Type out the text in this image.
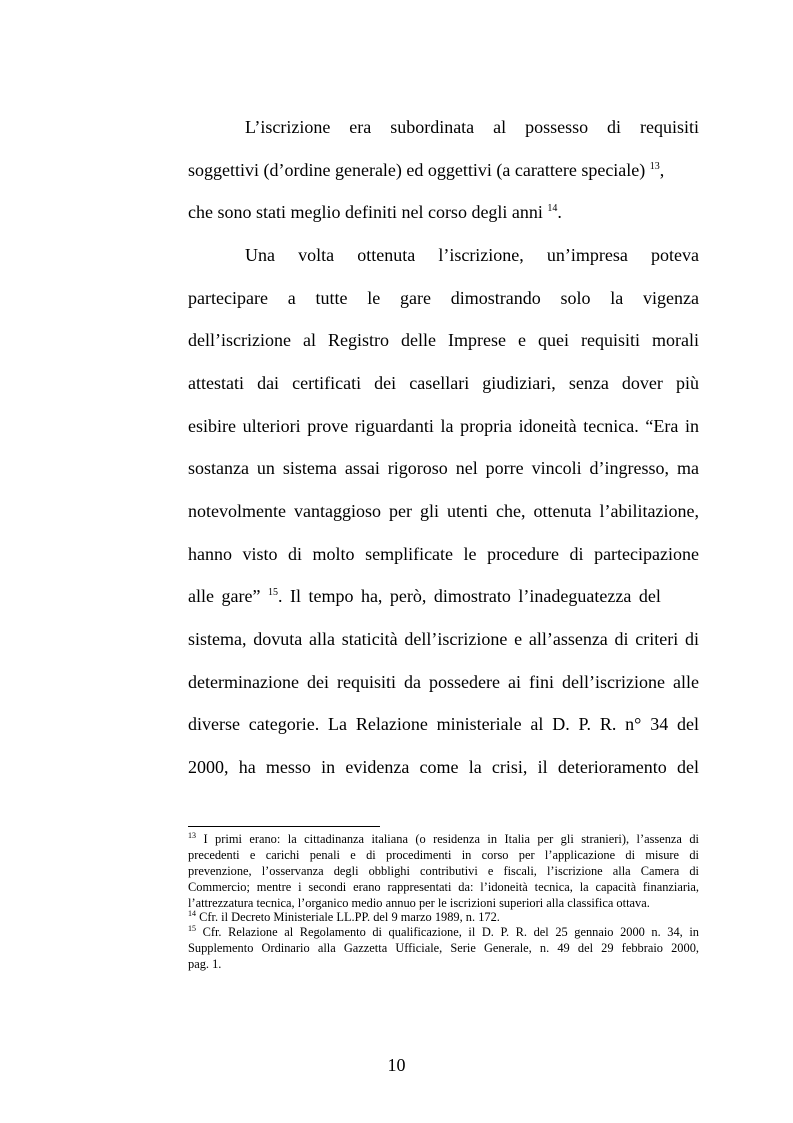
L’iscrizione era subordinata al possesso di requisiti
soggettivi (d’ordine generale) ed oggettivi (a carattere speciale) $^{13}$,
che sono stati meglio definiti nel corso degli anni $^{14}$.
Una volta ottenuta l’iscrizione, un’impresa poteva
partecipare a tutte le gare dimostrando solo la vigenza
dell’iscrizione al Registro delle Imprese e quei requisiti morali
attestati dai certificati dei casellari giudiziari, senza dover più
esibire ulteriori prove riguardanti la propria idoneità tecnica. “Era in
sostanza un sistema assai rigoroso nel porre vincoli d’ingresso, ma
notevolmente vantaggioso per gli utenti che, ottenuta l’abilitazione,
hanno visto di molto semplificate le procedure di partecipazione
alle gare” $^{15}$. Il tempo ha, però, dimostrato l’inadeguatezza del
sistema, dovuta alla staticità dell’iscrizione e all’assenza di criteri di
determinazione dei requisiti da possedere ai fini dell’iscrizione alle
diverse categorie. La Relazione ministeriale al D. P. R. n° 34 del
2000, ha messo in evidenza come la crisi, il deterioramento del
$^{13}$ I primi erano: la cittadinanza italiana (o residenza in Italia per gli stranieri), l’assenza di
precedenti e carichi penali e di procedimenti in corso per l’applicazione di misure di
prevenzione, l’osservanza degli obblighi contributivi e fiscali, l’iscrizione alla Camera di
Commercio; mentre i secondi erano rappresentati da: l’idoneità tecnica, la capacità finanziaria,
l’attrezzatura tecnica, l’organico medio annuo per le iscrizioni superiori alla classifica ottava.
$^{14}$ Cfr. il Decreto Ministeriale LL.PP. del 9 marzo 1989, n. 172.
$^{15}$ Cfr. Relazione al Regolamento di qualificazione, il D. P. R. del 25 gennaio 2000 n. 34, in
Supplemento Ordinario alla Gazzetta Ufficiale, Serie Generale, n. 49 del 29 febbraio 2000,
pag. 1.
10
